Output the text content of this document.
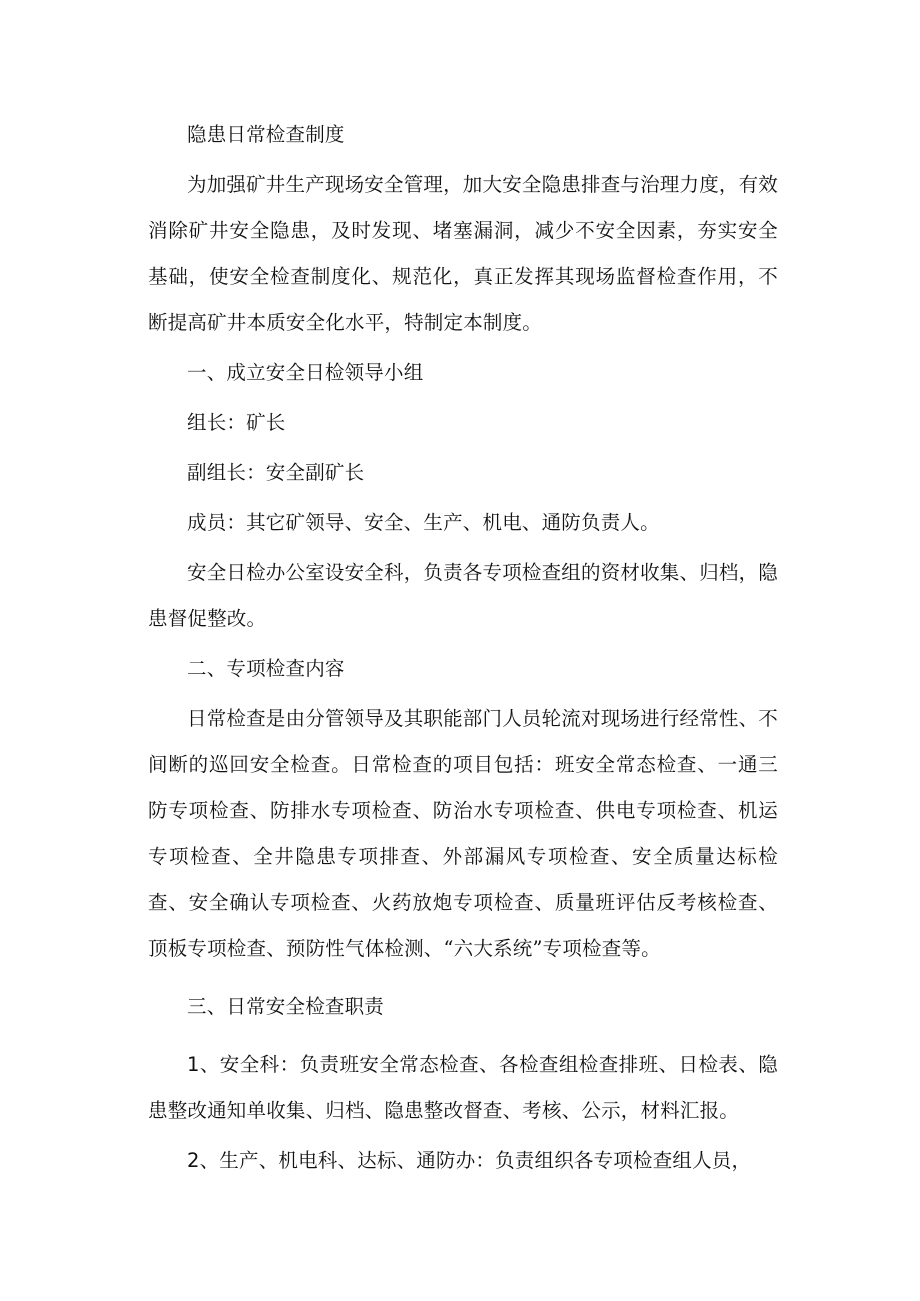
隐患日常检查制度

为加强矿井生产现场安全管理，加大安全隐患排查与治理力度，有效消除矿井安全隐患，及时发现、堵塞漏洞，减少不安全因素，夯实安全基础，使安全检查制度化、规范化，真正发挥其现场监督检查作用，不断提高矿井本质安全化水平，特制定本制度。

一、成立安全日检领导小组

组长：矿长

副组长：安全副矿长

成员：其它矿领导、安全、生产、机电、通防负责人。

安全日检办公室设安全科，负责各专项检查组的资材收集、归档，隐患督促整改。

二、专项检查内容

日常检查是由分管领导及其职能部门人员轮流对现场进行经常性、不间断的巡回安全检查。日常检查的项目包括：班安全常态检查、一通三防专项检查、防排水专项检查、防治水专项检查、供电专项检查、机运专项检查、全井隐患专项排查、外部漏风专项检查、安全质量达标检查、安全确认专项检查、火药放炮专项检查、质量班评估反考核检查、顶板专项检查、预防性气体检测、“六大系统”专项检查等。

三、日常安全检查职责

1、安全科：负责班安全常态检查、各检查组检查排班、日检表、隐患整改通知单收集、归档、隐患整改督查、考核、公示，材料汇报。

2、生产、机电科、达标、通防办：负责组织各专项检查组人员，
